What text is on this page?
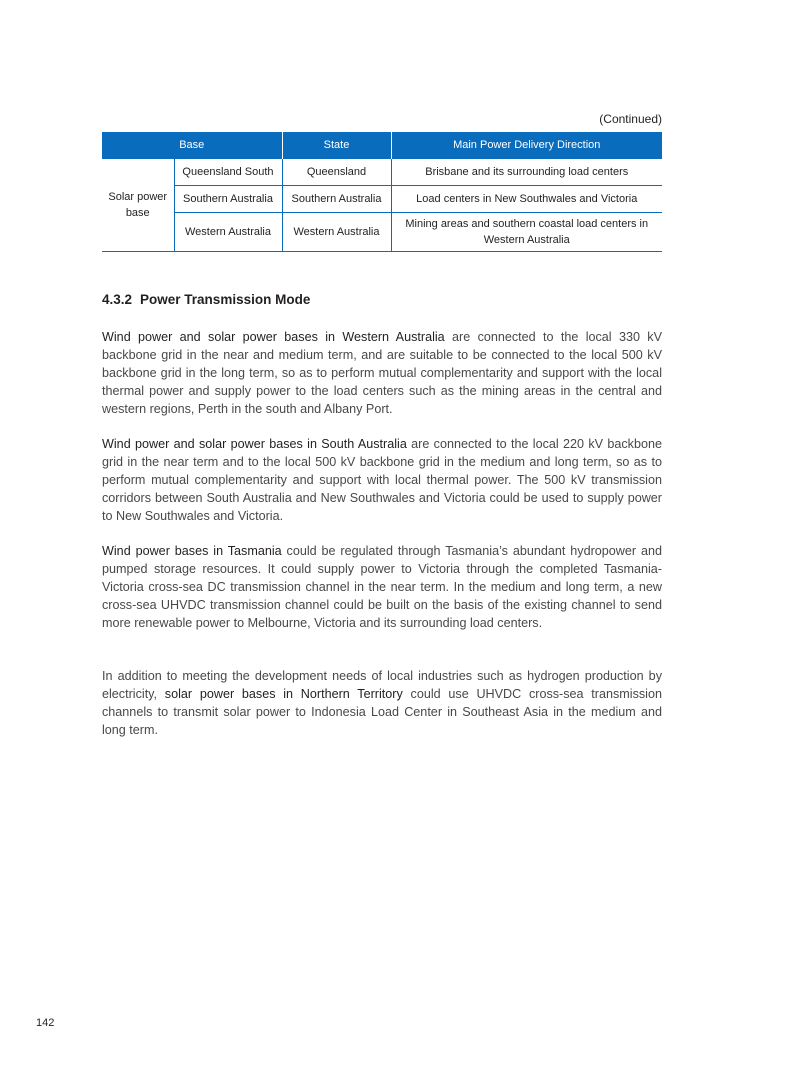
(Continued)
Base		State	Main Power Delivery Direction
Solar power base	Queensland South	Queensland	Brisbane and its surrounding load centers
	Southern Australia	Southern Australia	Load centers in New Southwales and Victoria
	Western Australia	Western Australia	Mining areas and southern coastal load centers in Western Australia
4.3.2 Power Transmission Mode

Wind power and solar power bases in Western Australia are connected to the local 330 kV backbone grid in the near and medium term, and are suitable to be connected to the local 500 kV backbone grid in the long term, so as to perform mutual complementarity and support with the local thermal power and supply power to the load centers such as the mining areas in the central and western regions, Perth in the south and Albany Port.

Wind power and solar power bases in South Australia are connected to the local 220 kV backbone grid in the near term and to the local 500 kV backbone grid in the medium and long term, so as to perform mutual complementarity and support with local thermal power. The 500 kV transmission corridors between South Australia and New Southwales and Victoria could be used to supply power to New Southwales and Victoria.

Wind power bases in Tasmania could be regulated through Tasmania’s abundant hydropower and pumped storage resources. It could supply power to Victoria through the completed Tasmania-Victoria cross-sea DC transmission channel in the near term. In the medium and long term, a new cross-sea UHVDC transmission channel could be built on the basis of the existing channel to send more renewable power to Melbourne, Victoria and its surrounding load centers.

In addition to meeting the development needs of local industries such as hydrogen production by electricity, solar power bases in Northern Territory could use UHVDC cross-sea transmission channels to transmit solar power to Indonesia Load Center in Southeast Asia in the medium and long term.

142
